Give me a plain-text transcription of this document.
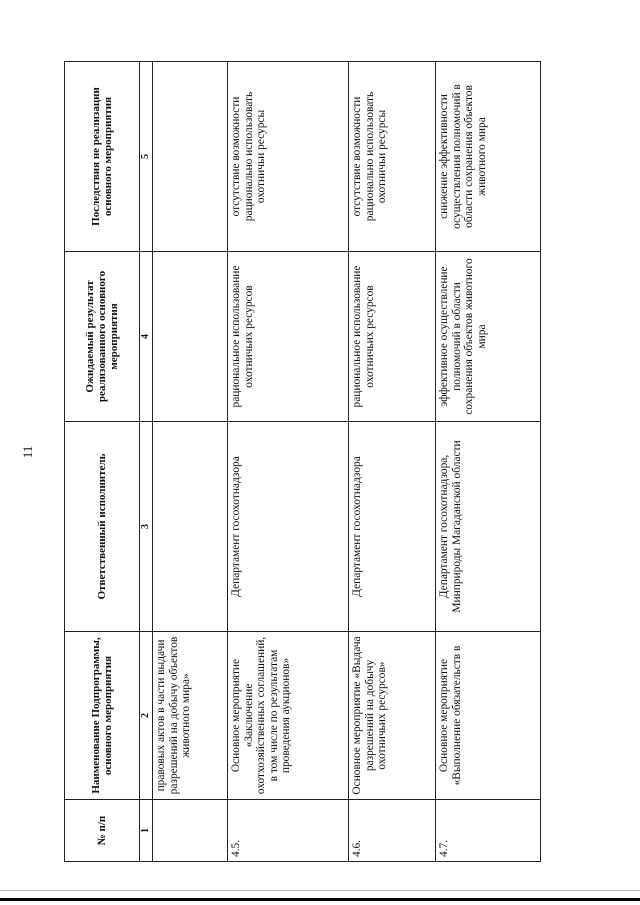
11
№ п/п	Наименование Подпрограммы, основного мероприятия	Ответственный исполнитель	Ожидаемый результат реализованного основного мероприятия	Последствия не реализации основного мероприятия
1	2	3	4	5
	правовых актов в части выдачи разрешений на добычу объектов животного мира»			
4.5.	Основное мероприятие «Заключение охотхозяйственных соглашений, в том числе по результатам проведения аукционов»	Департамент госохотнадзора	рациональное использование охотничьих ресурсов	отсутствие возможности рационально использовать охотничьи ресурсы
4.6.	Основное мероприятие «Выдача разрешений на добычу охотничьих ресурсов»	Департамент госохотнадзора	рациональное использование охотничьих ресурсов	отсутствие возможности рационально использовать охотничьи ресурсы
4.7.	Основное мероприятие «Выполнение обязательств в	Департамент госохотнадзора, Минприроды Магаданской области	эффективное осуществление полномочий в области сохранения объектов животного мира	снижение эффективности осуществления полномочий в области сохранения объектов животного мира
